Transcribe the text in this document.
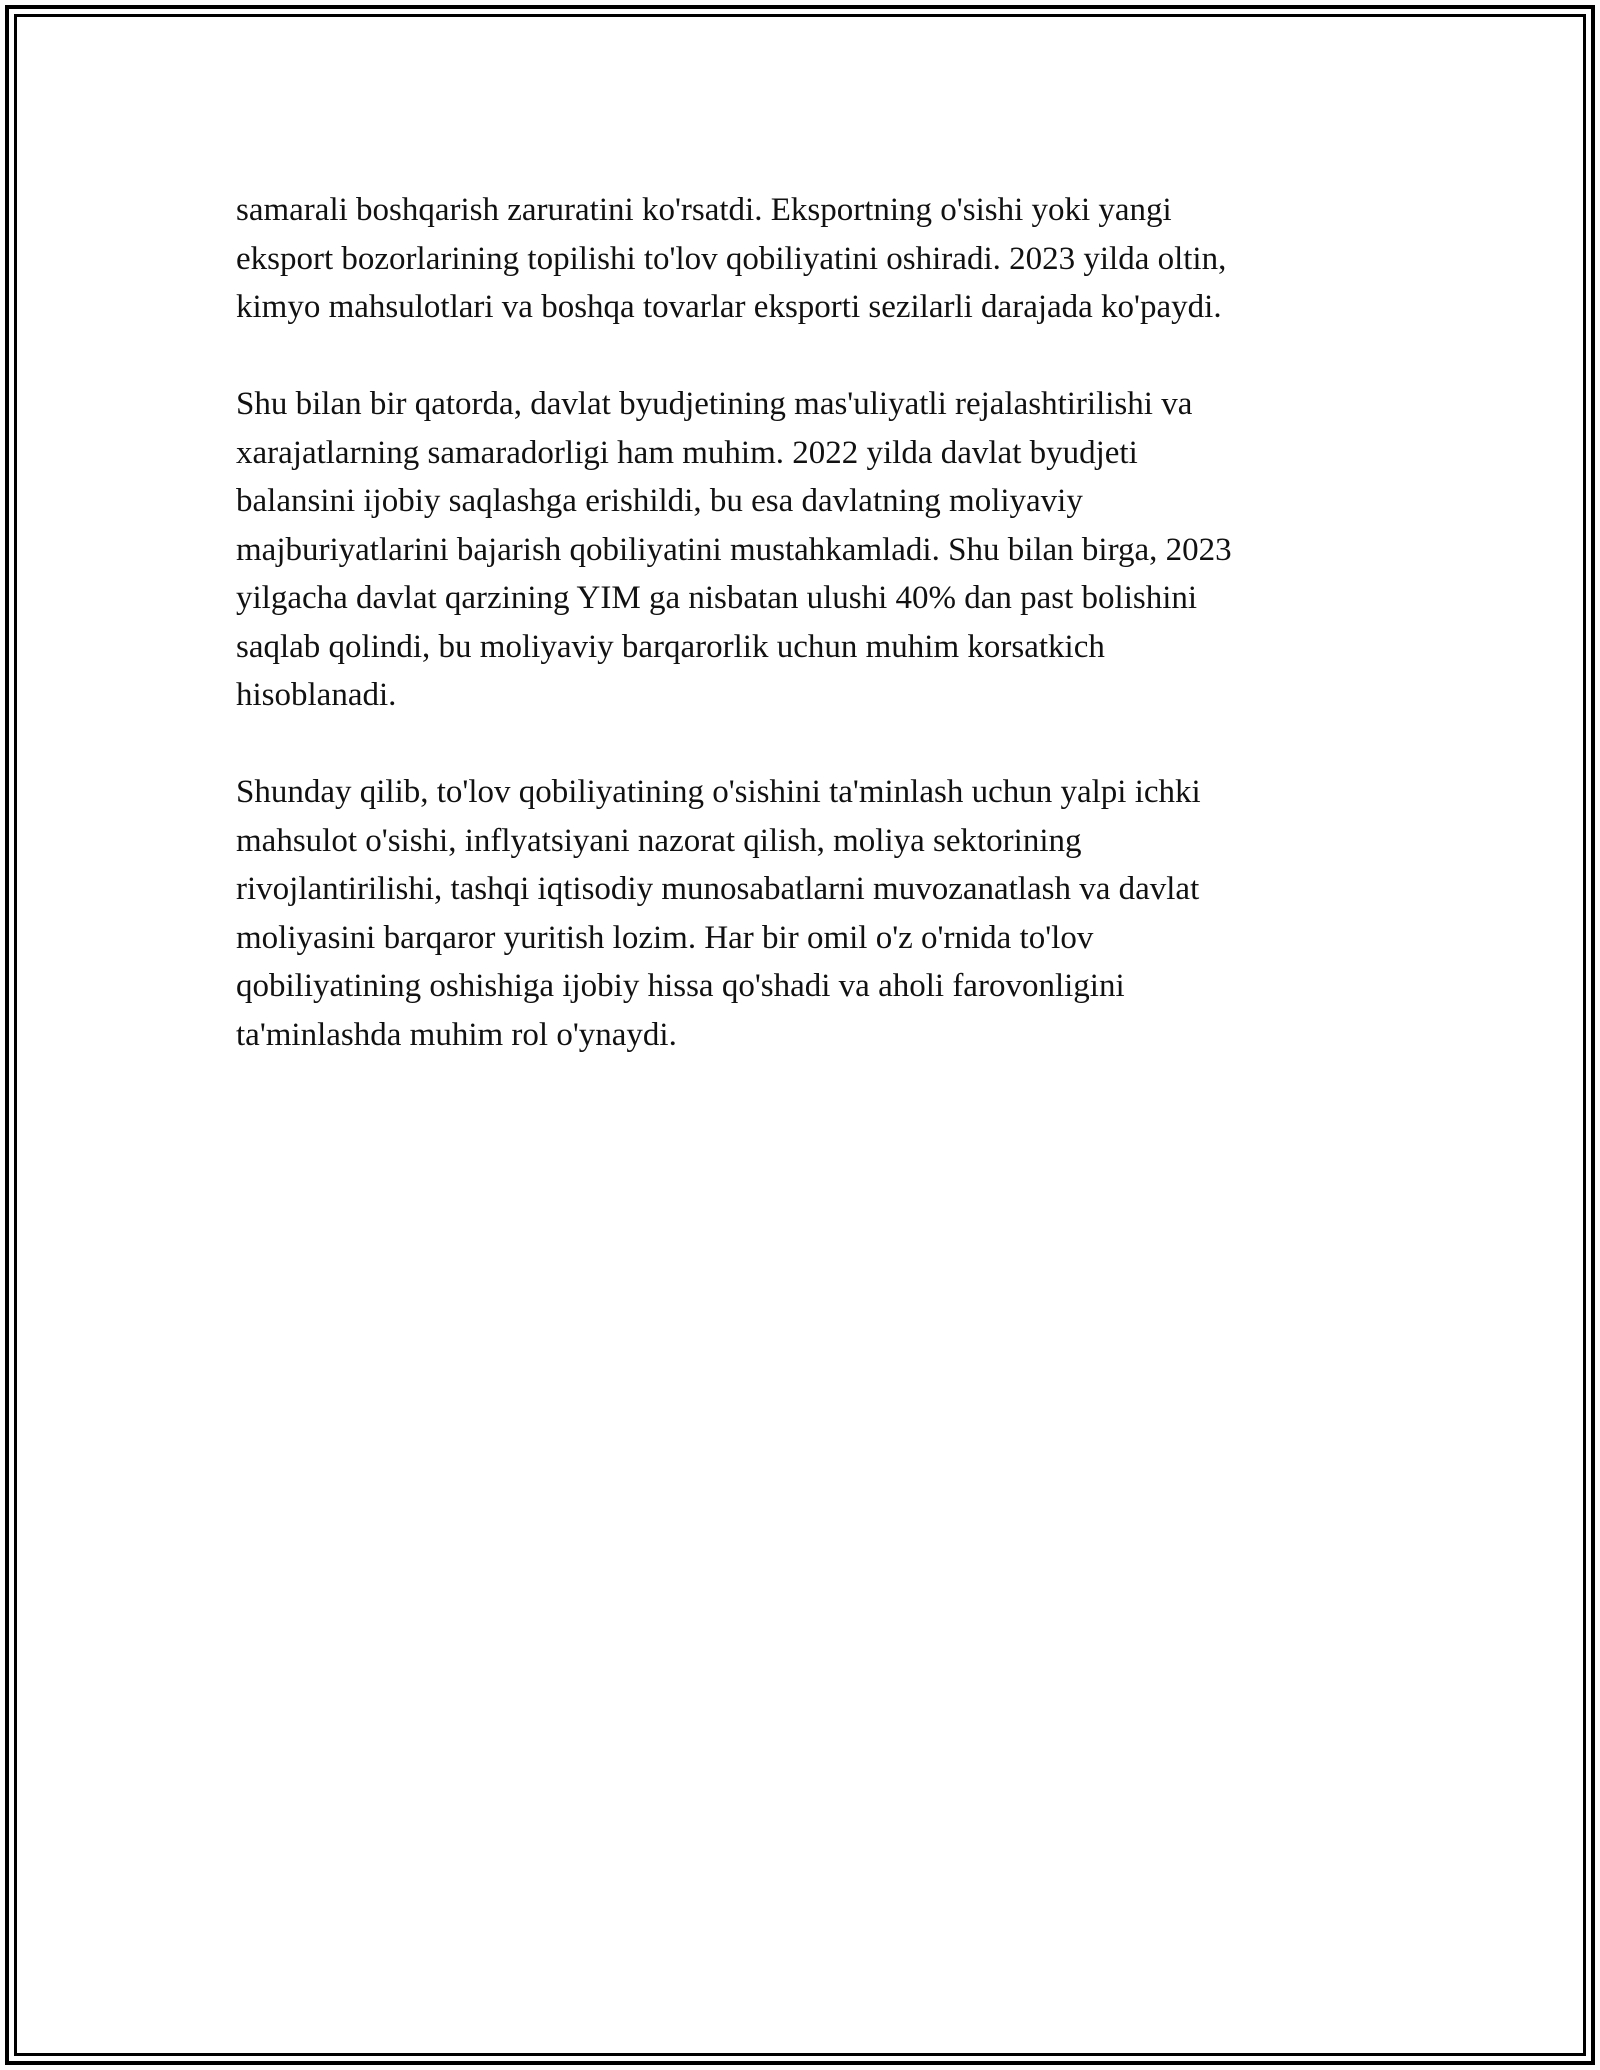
samarali boshqarish zaruratini ko'rsatdi. Eksportning o'sishi yoki yangi
eksport bozorlarining topilishi to'lov qobiliyatini oshiradi. 2023 yilda oltin,
kimyo mahsulotlari va boshqa tovarlar eksporti sezilarli darajada ko'paydi.

Shu bilan bir qatorda, davlat byudjetining mas'uliyatli rejalashtirilishi va
xarajatlarning samaradorligi ham muhim. 2022 yilda davlat byudjeti
balansini ijobiy saqlashga erishildi, bu esa davlatning moliyaviy
majburiyatlarini bajarish qobiliyatini mustahkamladi. Shu bilan birga, 2023
yilgacha davlat qarzining YIM ga nisbatan ulushi 40% dan past bolishini
saqlab qolindi, bu moliyaviy barqarorlik uchun muhim korsatkich
hisoblanadi.

Shunday qilib, to'lov qobiliyatining o'sishini ta'minlash uchun yalpi ichki
mahsulot o'sishi, inflyatsiyani nazorat qilish, moliya sektorining
rivojlantirilishi, tashqi iqtisodiy munosabatlarni muvozanatlash va davlat
moliyasini barqaror yuritish lozim. Har bir omil o'z o'rnida to'lov
qobiliyatining oshishiga ijobiy hissa qo'shadi va aholi farovonligini
ta'minlashda muhim rol o'ynaydi.
